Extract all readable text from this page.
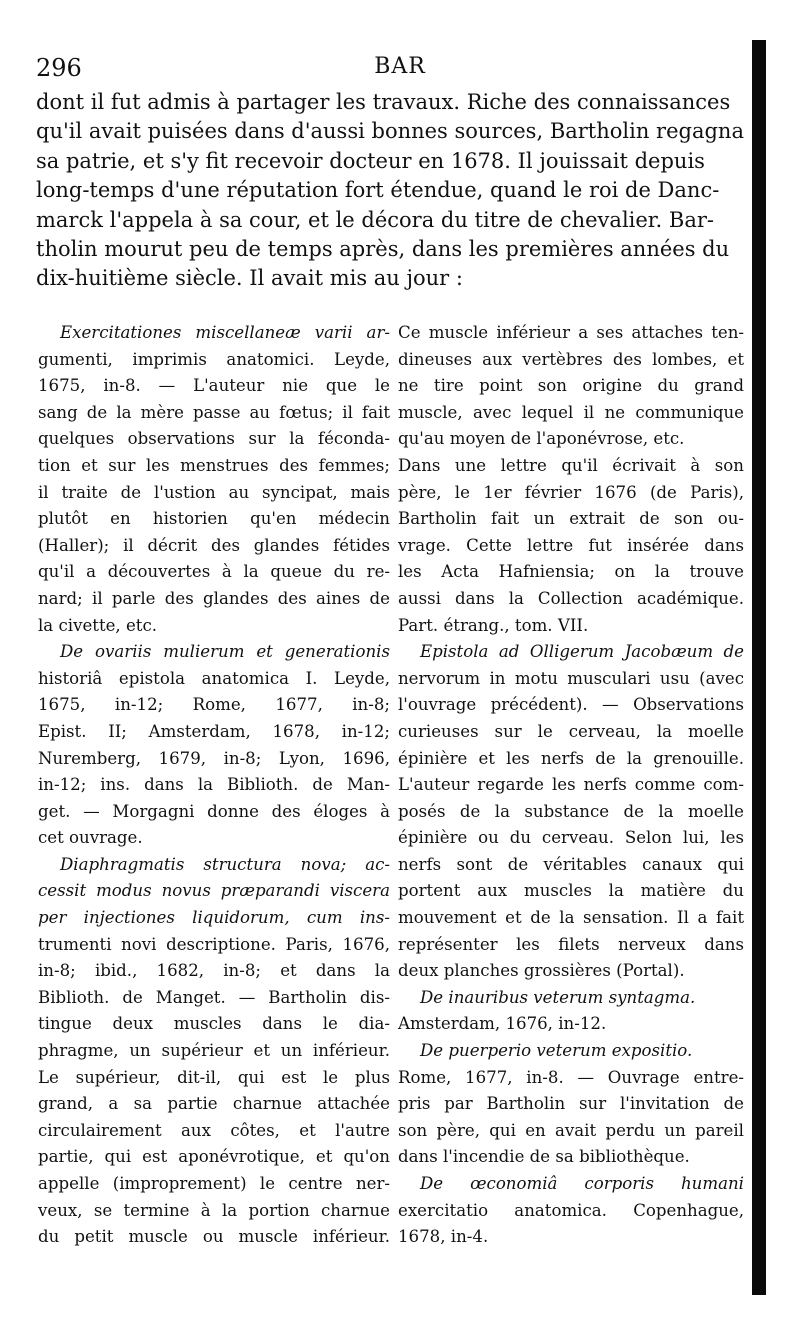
296	BAR
dont il fut admis à partager les travaux. Riche des connaissances
qu'il avait puisées dans d'aussi bonnes sources, Bartholin regagna
sa patrie, et s'y fit recevoir docteur en 1678. Il jouissait depuis
long-temps d'une réputation fort étendue, quand le roi de Danc-
marck l'appela à sa cour, et le décora du titre de chevalier. Bar-
tholin mourut peu de temps après, dans les premières années du
dix-huitième siècle. Il avait mis au jour :
Exercitationes miscellaneæ varii ar-
gumenti, imprimis anatomici. Leyde,
1675, in-8. — L'auteur nie que le
sang de la mère passe au fœtus; il fait
quelques observations sur la féconda-
tion et sur les menstrues des femmes;
il traite de l'ustion au syncipat, mais
plutôt en historien qu'en médecin
(Haller); il décrit des glandes fétides
qu'il a découvertes à la queue du re-
nard; il parle des glandes des aines de
la civette, etc.
De ovariis mulierum et generationis
historiâ epistola anatomica I. Leyde,
1675, in-12; Rome, 1677, in-8;
Epist. II; Amsterdam, 1678, in-12;
Nuremberg, 1679, in-8; Lyon, 1696,
in-12; ins. dans la Biblioth. de Man-
get. — Morgagni donne des éloges à
cet ouvrage.
Diaphragmatis structura nova; ac-
cessit modus novus præparandi viscera
per injectiones liquidorum, cum ins-
trumenti novi descriptione. Paris, 1676,
in-8; ibid., 1682, in-8; et dans la
Biblioth. de Manget. — Bartholin dis-
tingue deux muscles dans le dia-
phragme, un supérieur et un inférieur.
Le supérieur, dit-il, qui est le plus
grand, a sa partie charnue attachée
circulairement aux côtes, et l'autre
partie, qui est aponévrotique, et qu'on
appelle (improprement) le centre ner-
veux, se termine à la portion charnue
du petit muscle ou muscle inférieur.
Ce muscle inférieur a ses attaches ten-
dineuses aux vertèbres des lombes, et
ne tire point son origine du grand
muscle, avec lequel il ne communique
qu'au moyen de l'aponévrose, etc.
Dans une lettre qu'il écrivait à son
père, le 1er février 1676 (de Paris),
Bartholin fait un extrait de son ou-
vrage. Cette lettre fut insérée dans
les Acta Hafniensia; on la trouve
aussi dans la Collection académique.
Part. étrang., tom. VII.
Epistola ad Olligerum Jacobæum de
nervorum in motu musculari usu (avec
l'ouvrage précédent). — Observations
curieuses sur le cerveau, la moelle
épinière et les nerfs de la grenouille.
L'auteur regarde les nerfs comme com-
posés de la substance de la moelle
épinière ou du cerveau. Selon lui, les
nerfs sont de véritables canaux qui
portent aux muscles la matière du
mouvement et de la sensation. Il a fait
représenter les filets nerveux dans
deux planches grossières (Portal).
De inauribus veterum syntagma.
Amsterdam, 1676, in-12.
De puerperio veterum expositio.
Rome, 1677, in-8. — Ouvrage entre-
pris par Bartholin sur l'invitation de
son père, qui en avait perdu un pareil
dans l'incendie de sa bibliothèque.
De œconomiâ corporis humani
exercitatio anatomica. Copenhague,
1678, in-4.
